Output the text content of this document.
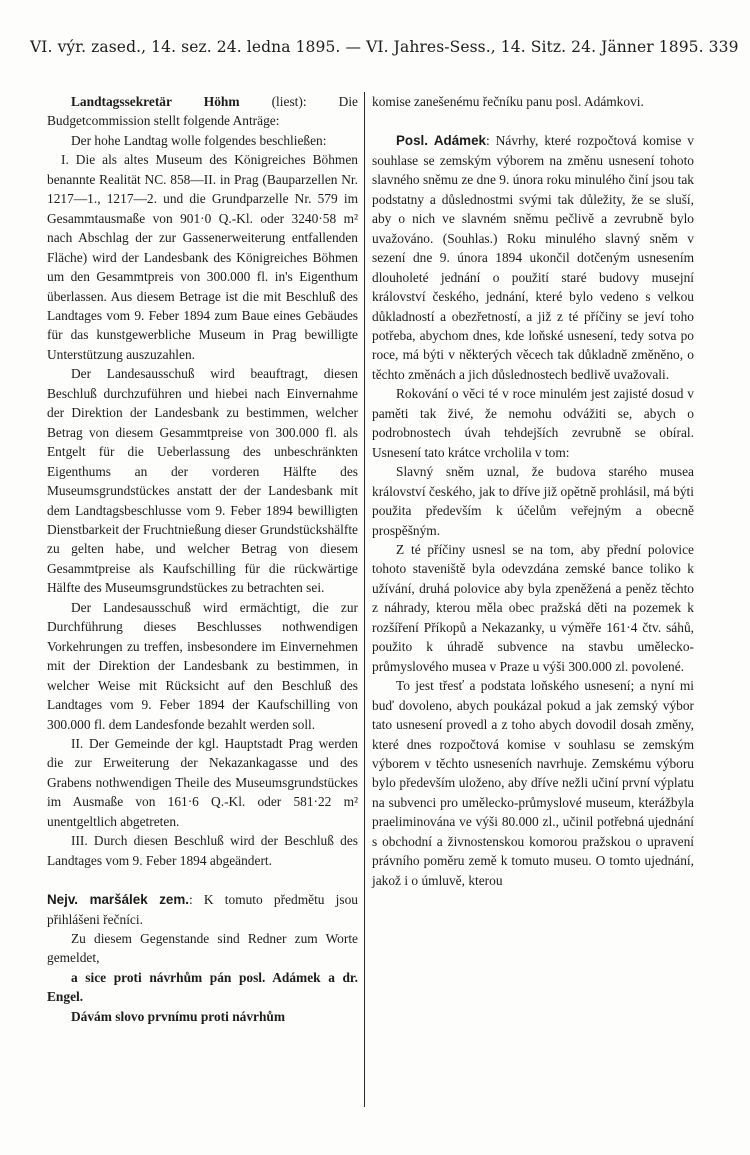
VI. výr. zased., 14. sez. 24. ledna 1895. — VI. Jahres-Sess., 14. Sitz. 24. Jänner 1895. 339

Landtagssekretär Höhm (liest): Die Budgetcommission stellt folgende Anträge:

Der hohe Landtag wolle folgendes beschließen:

I. Die als altes Museum des Königreiches Böhmen benannte Realität NC. 858—II. in Prag (Bauparzellen Nr. 1217—1., 1217—2. und die Grundparzelle Nr. 579 im Gesammtausmaße von 901·0 Q.-Kl. oder 3240·58 m² nach Abschlag der zur Gassenerweiterung entfallenden Fläche) wird der Landesbank des Königreiches Böhmen um den Gesammtpreis von 300.000 fl. in's Eigenthum überlassen. Aus diesem Betrage ist die mit Beschluß des Landtages vom 9. Feber 1894 zum Baue eines Gebäudes für das kunstgewerbliche Museum in Prag bewilligte Unterstützung auszuzahlen.

Der Landesausschuß wird beauftragt, diesen Beschluß durchzuführen und hiebei nach Einvernahme der Direktion der Landesbank zu bestimmen, welcher Betrag von diesem Gesammtpreise von 300.000 fl. als Entgelt für die Ueberlassung des unbeschränkten Eigenthums an der vorderen Hälfte des Museumsgrundstückes anstatt der der Landesbank mit dem Landtagsbeschlusse vom 9. Feber 1894 bewilligten Dienstbarkeit der Fruchtnießung dieser Grundstückshälfte zu gelten habe, und welcher Betrag von diesem Gesammtpreise als Kaufschilling für die rückwärtige Hälfte des Museumsgrundstückes zu betrachten sei.

Der Landesausschuß wird ermächtigt, die zur Durchführung dieses Beschlusses nothwendigen Vorkehrungen zu treffen, insbesondere im Einvernehmen mit der Direktion der Landesbank zu bestimmen, in welcher Weise mit Rücksicht auf den Beschluß des Landtages vom 9. Feber 1894 der Kaufschilling von 300.000 fl. dem Landesfonde bezahlt werden soll.

II. Der Gemeinde der kgl. Hauptstadt Prag werden die zur Erweiterung der Nekazankagasse und des Grabens nothwendigen Theile des Museumsgrundstückes im Ausmaße von 161·6 Q.-Kl. oder 581·22 m² unentgeltlich abgetreten.

III. Durch diesen Beschluß wird der Beschluß des Landtages vom 9. Feber 1894 abgeändert.

Nejv. maršálek zem.: K tomuto předmětu jsou přihlášeni řečníci.

Zu diesem Gegenstande sind Redner zum Worte gemeldet,

a sice proti návrhům pán posl. Adámek a dr. Engel.

Dávám slovo prvnímu proti návrhům

komise zanešenému řečníku panu posl. Adámkovi.

Posl. Adámek: Návrhy, které rozpočtová komise v souhlase se zemským výborem na změnu usnesení tohoto slavného sněmu ze dne 9. února roku minulého činí jsou tak podstatny a důslednostmi svými tak důležity, že se sluší, aby o nich ve slavném sněmu pečlivě a zevrubně bylo uvažováno. (Souhlas.) Roku minulého slavný sněm v sezení dne 9. února 1894 ukončil dotčeným usnesením dlouholeté jednání o použití staré budovy musejní království českého, jednání, které bylo vedeno s velkou důkladností a obezřetností, a již z té příčiny se jeví toho potřeba, abychom dnes, kde loňské usnesení, tedy sotva po roce, má býti v některých věcech tak důkladně změněno, o těchto změnách a jich důslednostech bedlivě uvažovali.

Rokování o věci té v roce minulém jest zajisté dosud v paměti tak živé, že nemohu odvážiti se, abych o podrobnostech úvah tehdejších zevrubně se obíral. Usnesení tato krátce vrcholila v tom:

Slavný sněm uznal, že budova starého musea království českého, jak to dříve již opětně prohlásil, má býti použita především k účelům veřejným a obecně prospěšným.

Z té příčiny usnesl se na tom, aby přední polovice tohoto staveniště byla odevzdána zemské bance toliko k užívání, druhá polovice aby byla zpeněžená a peněz těchto z náhrady, kterou měla obec pražská děti na pozemek k rozšíření Příkopů a Nekazanky, u výměře 161·4 čtv. sáhů, použito k úhradě subvence na stavbu umělecko-průmyslového musea v Praze u výši 300.000 zl. povolené.

To jest třesť a podstata loňského usnesení; a nyní mi buď dovoleno, abych poukázal pokud a jak zemský výbor tato usnesení provedl a z toho abych dovodil dosah změny, které dnes rozpočtová komise v souhlasu se zemským výborem v těchto usneseních navrhuje. Zemskému výboru bylo především uloženo, aby dříve nežli učiní první výplatu na subvenci pro umělecko-průmyslové museum, kterážbyla praeliminována ve výši 80.000 zl., učinil potřebná ujednání s obchodní a živnostenskou komorou pražskou o upravení právního poměru země k tomuto museu. O tomto ujednání, jakož i o úmluvě, kterou
